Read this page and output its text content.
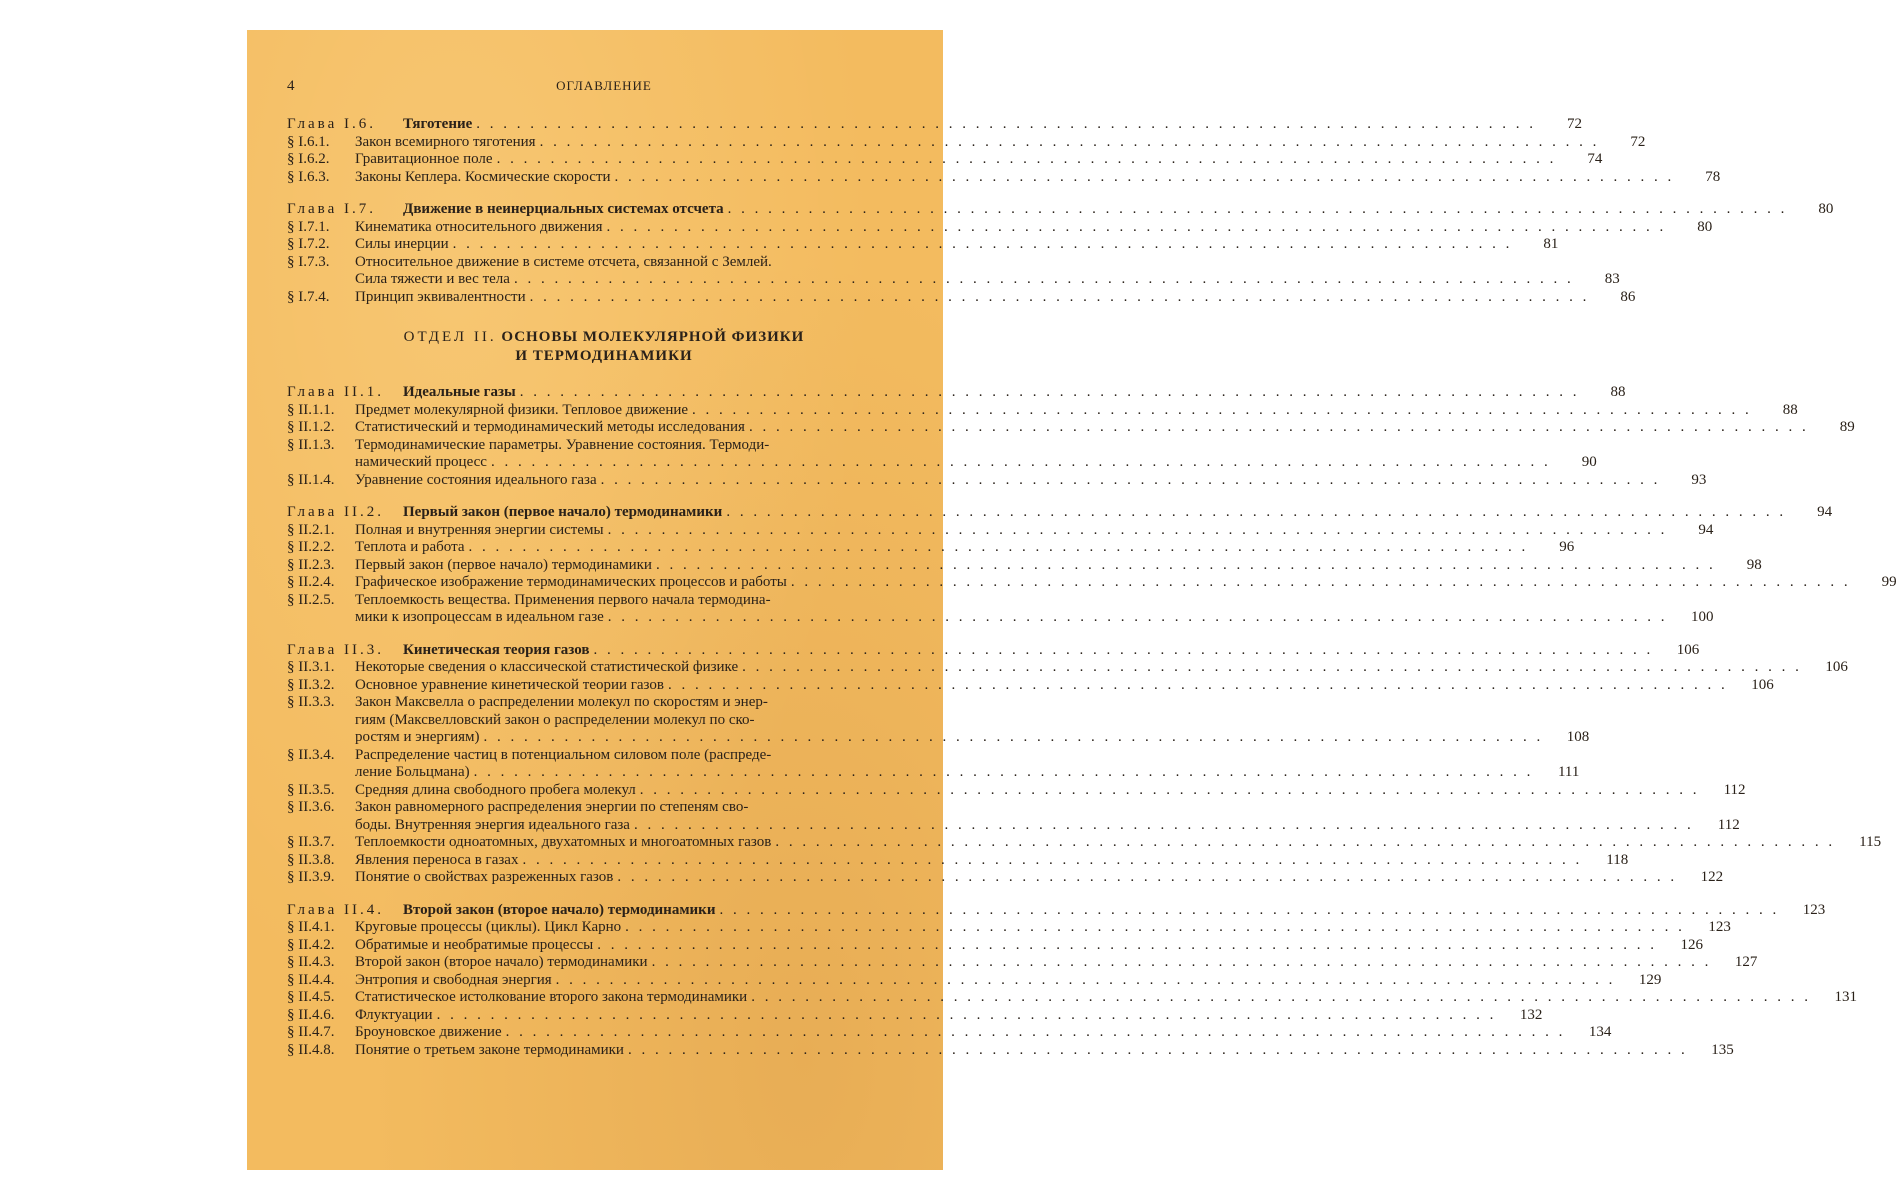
4	ОГЛАВЛЕНИЕ
Глава I.6.	Тяготение . . .	72
§ I.6.1.	Закон всемирного тяготения . . .	72
§ I.6.2.	Гравитационное поле . . .	74
§ I.6.3.	Законы Кеплера. Космические скорости . . .	78
Глава I.7.	Движение в неинерциальных системах отсчета . . .	80
§ I.7.1.	Кинематика относительного движения . . .	80
§ I.7.2.	Силы инерции . . .	81
§ I.7.3.	Относительное движение в системе отсчета, связанной с Землей.
Сила тяжести и вес тела . . .	83
§ I.7.4.	Принцип эквивалентности . . .	86
ОТДЕЛ II. ОСНОВЫ МОЛЕКУЛЯРНОЙ ФИЗИКИ
И ТЕРМОДИНАМИКИ
Глава II.1.	Идеальные газы . . .	88
§ II.1.1.	Предмет молекулярной физики. Тепловое движение . . .	88
§ II.1.2.	Статистический и термодинамический методы исследования . . .	89
§ II.1.3.	Термодинамические параметры. Уравнение состояния. Термоди-
намический процесс . . .	90
§ II.1.4.	Уравнение состояния идеального газа . . .	93
Глава II.2.	Первый закон (первое начало) термодинамики . . .	94
§ II.2.1.	Полная и внутренняя энергии системы . . .	94
§ II.2.2.	Теплота и работа . . .	96
§ II.2.3.	Первый закон (первое начало) термодинамики . . .	98
§ II.2.4.	Графическое изображение термодинамических процессов и работы . . .	99
§ II.2.5.	Теплоемкость вещества. Применения первого начала термодина-
мики к изопроцессам в идеальном газе . . .	100
Глава II.3.	Кинетическая теория газов . . .	106
§ II.3.1.	Некоторые сведения о классической статистической физике . . .	106
§ II.3.2.	Основное уравнение кинетической теории газов . . .	106
§ II.3.3.	Закон Максвелла о распределении молекул по скоростям и энер-
гиям (Максвелловский закон о распределении молекул по ско-
ростям и энергиям) . . .	108
§ II.3.4.	Распределение частиц в потенциальном силовом поле (распреде-
ление Больцмана) . . .	111
§ II.3.5.	Средняя длина свободного пробега молекул . . .	112
§ II.3.6.	Закон равномерного распределения энергии по степеням сво-
боды. Внутренняя энергия идеального газа . . .	112
§ II.3.7.	Теплоемкости одноатомных, двухатомных и многоатомных газов . . .	115
§ II.3.8.	Явления переноса в газах . . .	118
§ II.3.9.	Понятие о свойствах разреженных газов . . .	122
Глава II.4.	Второй закон (второе начало) термодинамики . . .	123
§ II.4.1.	Круговые процессы (циклы). Цикл Карно . . .	123
§ II.4.2.	Обратимые и необратимые процессы . . .	126
§ II.4.3.	Второй закон (второе начало) термодинамики . . .	127
§ II.4.4.	Энтропия и свободная энергия . . .	129
§ II.4.5.	Статистическое истолкование второго закона термодинамики . . .	131
§ II.4.6.	Флуктуации . . .	132
§ II.4.7.	Броуновское движение . . .	134
§ II.4.8.	Понятие о третьем законе термодинамики . . .	135
